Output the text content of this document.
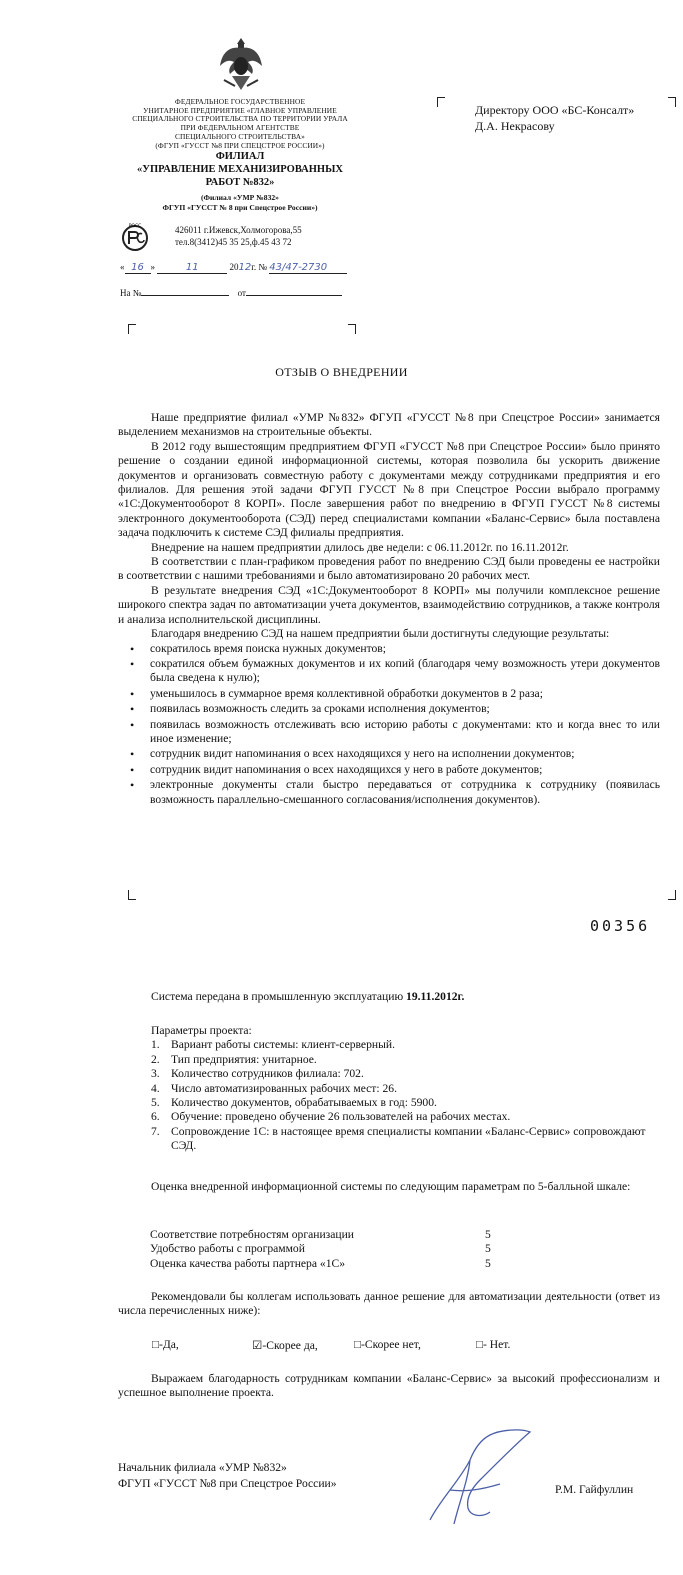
ФЕДЕРАЛЬНОЕ ГОСУДАРСТВЕННОЕ
УНИТАРНОЕ ПРЕДПРИЯТИЕ «ГЛАВНОЕ УПРАВЛЕНИЕ
СПЕЦИАЛЬНОГО СТРОИТЕЛЬСТВА ПО ТЕРРИТОРИИ УРАЛА
ПРИ ФЕДЕРАЛЬНОМ АГЕНТСТВЕ
СПЕЦИАЛЬНОГО СТРОИТЕЛЬСТВА»
(ФГУП «ГУССТ №8 ПРИ СПЕЦСТРОЕ РОССИИ»)
ФИЛИАЛ
«УПРАВЛЕНИЕ МЕХАНИЗИРОВАННЫХ
РАБОТ №832»
(Филиал «УМР №832»
ФГУП «ГУССТ № 8 при Спецстрое России»)
РОСС	426011 г.Ижевск,Холмогорова,55
тел.8(3412)45 35 25,ф.45 43 72
« 16 »	11	2012г. № 43/47-2730
На №	от
Директору ООО «БС-Консалт»
Д.А. Некрасову
ОТЗЫВ О ВНЕДРЕНИИ

Наше предприятие филиал «УМР №832» ФГУП «ГУССТ №8 при Спецстрое России» занимается выделением механизмов на строительные объекты.

В 2012 году вышестоящим предприятием ФГУП «ГУССТ №8 при Спецстрое России» было принято решение о создании единой информационной системы, которая позволила бы ускорить движение документов и организовать совместную работу с документами между сотрудниками предприятия и его филиалов. Для решения этой задачи ФГУП ГУССТ №8 при Спецстрое России выбрало программу «1С:Документооборот 8 КОРП». После завершения работ по внедрению в ФГУП ГУССТ №8 системы электронного документооборота (СЭД) перед специалистами компании «Баланс-Сервис» была поставлена задача подключить к системе СЭД филиалы предприятия.

Внедрение на нашем предприятии длилось две недели: с 06.11.2012г. по 16.11.2012г.

В соответствии с план-графиком проведения работ по внедрению СЭД были проведены ее настройки в соответствии с нашими требованиями и было автоматизировано 20 рабочих мест.

В результате внедрения СЭД «1С:Документооборот 8 КОРП» мы получили комплексное решение широкого спектра задач по автоматизации учета документов, взаимодействию сотрудников, а также контроля и анализа исполнительской дисциплины.

Благодаря внедрению СЭД на нашем предприятии были достигнуты следующие результаты:

• сократилось время поиска нужных документов;
• сократился объем бумажных документов и их копий (благодаря чему возможность утери документов была сведена к нулю);
• уменьшилось в суммарное время коллективной обработки документов в 2 раза;
• появилась возможность следить за сроками исполнения документов;
• появилась возможность отслеживать всю историю работы с документами: кто и когда внес то или иное изменение;
• сотрудник видит напоминания о всех находящихся у него на исполнении документов;
• сотрудник видит напоминания о всех находящихся у него в работе документов;
• электронные документы стали быстро передаваться от сотрудника к сотруднику (появилась возможность параллельно-смешанного согласования/исполнения документов).
00356
Система передана в промышленную эксплуатацию 19.11.2012г.
Параметры проекта:
1. Вариант работы системы: клиент-серверный.
2. Тип предприятия: унитарное.
3. Количество сотрудников филиала: 702.
4. Число автоматизированных рабочих мест: 26.
5. Количество документов, обрабатываемых в год: 5900.
6. Обучение: проведено обучение 26 пользователей на рабочих местах.
7. Сопровождение 1С: в настоящее время специалисты компании «Баланс-Сервис» сопровождают СЭД.

Оценка внедренной информационной системы по следующим параметрам по 5-балльной шкале:

Соответствие потребностям организации	5
Удобство работы с программой	5
Оценка качества работы партнера «1С»	5

Рекомендовали бы коллегам использовать данное решение для автоматизации деятельности (ответ из числа перечисленных ниже):

□-Да,	☑-Скорее да,	□-Скорее нет,	□- Нет.

Выражаем благодарность сотрудникам компании «Баланс-Сервис» за высокий профессионализм и успешное выполнение проекта.

Начальник филиала «УМР №832»
ФГУП «ГУССТ №8 при Спецстрое России»	Р.М. Гайфуллин
